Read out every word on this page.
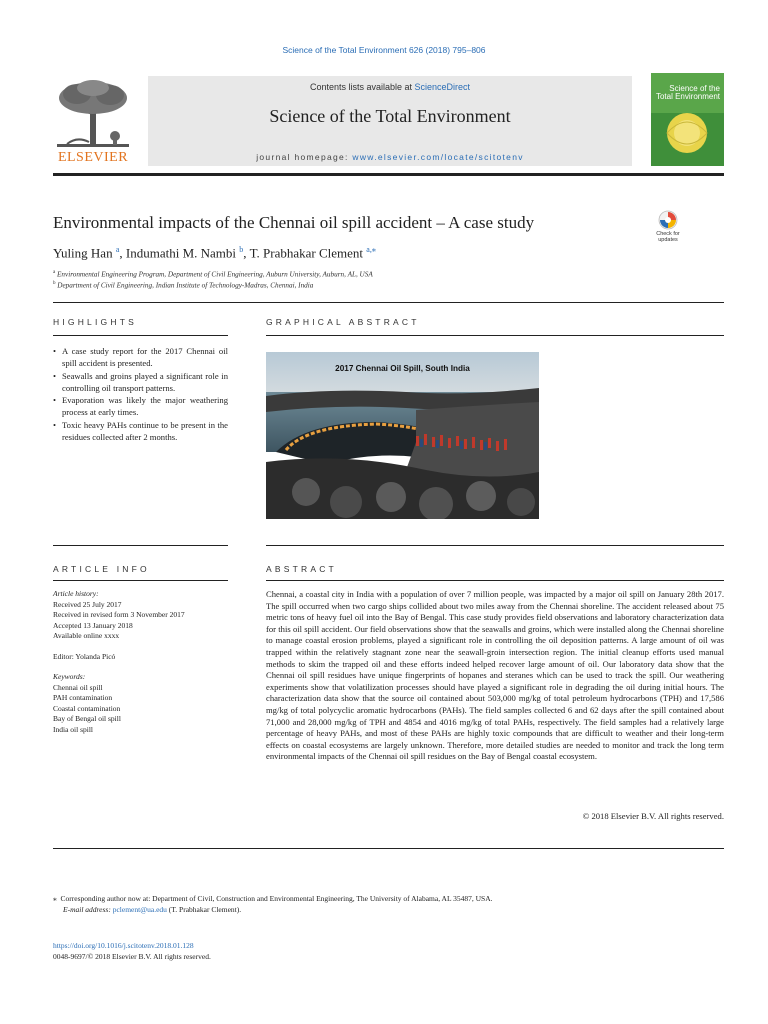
Science of the Total Environment 626 (2018) 795–806
ELSEVIER
Contents lists available at ScienceDirect
Science of the Total Environment
journal homepage: www.elsevier.com/locate/scitotenv
Science of the
Total Environment
Environmental impacts of the Chennai oil spill accident – A case study
Check for updates
Yuling Han $^a$, Indumathi M. Nambi $^b$, T. Prabhakar Clement $^{a,⁎}$
$^a$ Environmental Engineering Program, Department of Civil Engineering, Auburn University, Auburn, AL, USA
$^b$ Department of Civil Engineering, Indian Institute of Technology-Madras, Chennai, India
HIGHLIGHTS
• A case study report for the 2017 Chennai oil spill accident is presented.
• Seawalls and groins played a significant role in controlling oil transport patterns.
• Evaporation was likely the major weathering process at early times.
• Toxic heavy PAHs continue to be present in the residues collected after 2 months.
GRAPHICAL ABSTRACT
2017 Chennai Oil Spill, South India
ARTICLE INFO
Article history:
Received 25 July 2017
Received in revised form 3 November 2017
Accepted 13 January 2018
Available online xxxx
Editor: Yolanda Picó
Keywords:
Chennai oil spill
PAH contamination
Coastal contamination
Bay of Bengal oil spill
India oil spill
ABSTRACT
Chennai, a coastal city in India with a population of over 7 million people, was impacted by a major oil spill on January 28th 2017. The spill occurred when two cargo ships collided about two miles away from the Chennai shoreline. The accident released about 75 metric tons of heavy fuel oil into the Bay of Bengal. This case study provides field observations and laboratory characterization data for this oil spill accident. Our field observations show that the seawalls and groins, which were installed along the Chennai shoreline to manage coastal erosion problems, played a significant role in controlling the oil deposition patterns. A large amount of oil was trapped within the relatively stagnant zone near the seawall-groin intersection region. The initial cleanup efforts used manual methods to skim the trapped oil and these efforts indeed helped recover large amount of oil. Our laboratory data show that the Chennai oil spill residues have unique fingerprints of hopanes and steranes which can be used to track the spill. Our weathering experiments show that volatilization processes should have played a significant role in degrading the oil during initial hours. The characterization data show that the source oil contained about 503,000 mg/kg of total petroleum hydrocarbons (TPH) and 17,586 mg/kg of total polycyclic aromatic hydrocarbons (PAHs). The field samples collected 6 and 62 days after the spill contained about 71,000 and 28,000 mg/kg of TPH and 4854 and 4016 mg/kg of total PAHs, respectively. The field samples had a relatively large percentage of heavy PAHs, and most of these PAHs are highly toxic compounds that are difficult to weather and their long-term effects on coastal ecosystems are largely unknown. Therefore, more detailed studies are needed to monitor and track the long term environmental impacts of the Chennai oil spill residues on the Bay of Bengal coastal ecosystem.
© 2018 Elsevier B.V. All rights reserved.
⁎ Corresponding author now at: Department of Civil, Construction and Environmental Engineering, The University of Alabama, AL 35487, USA.
E-mail address: pclement@ua.edu (T. Prabhakar Clement).
https://doi.org/10.1016/j.scitotenv.2018.01.128
0048-9697/© 2018 Elsevier B.V. All rights reserved.
